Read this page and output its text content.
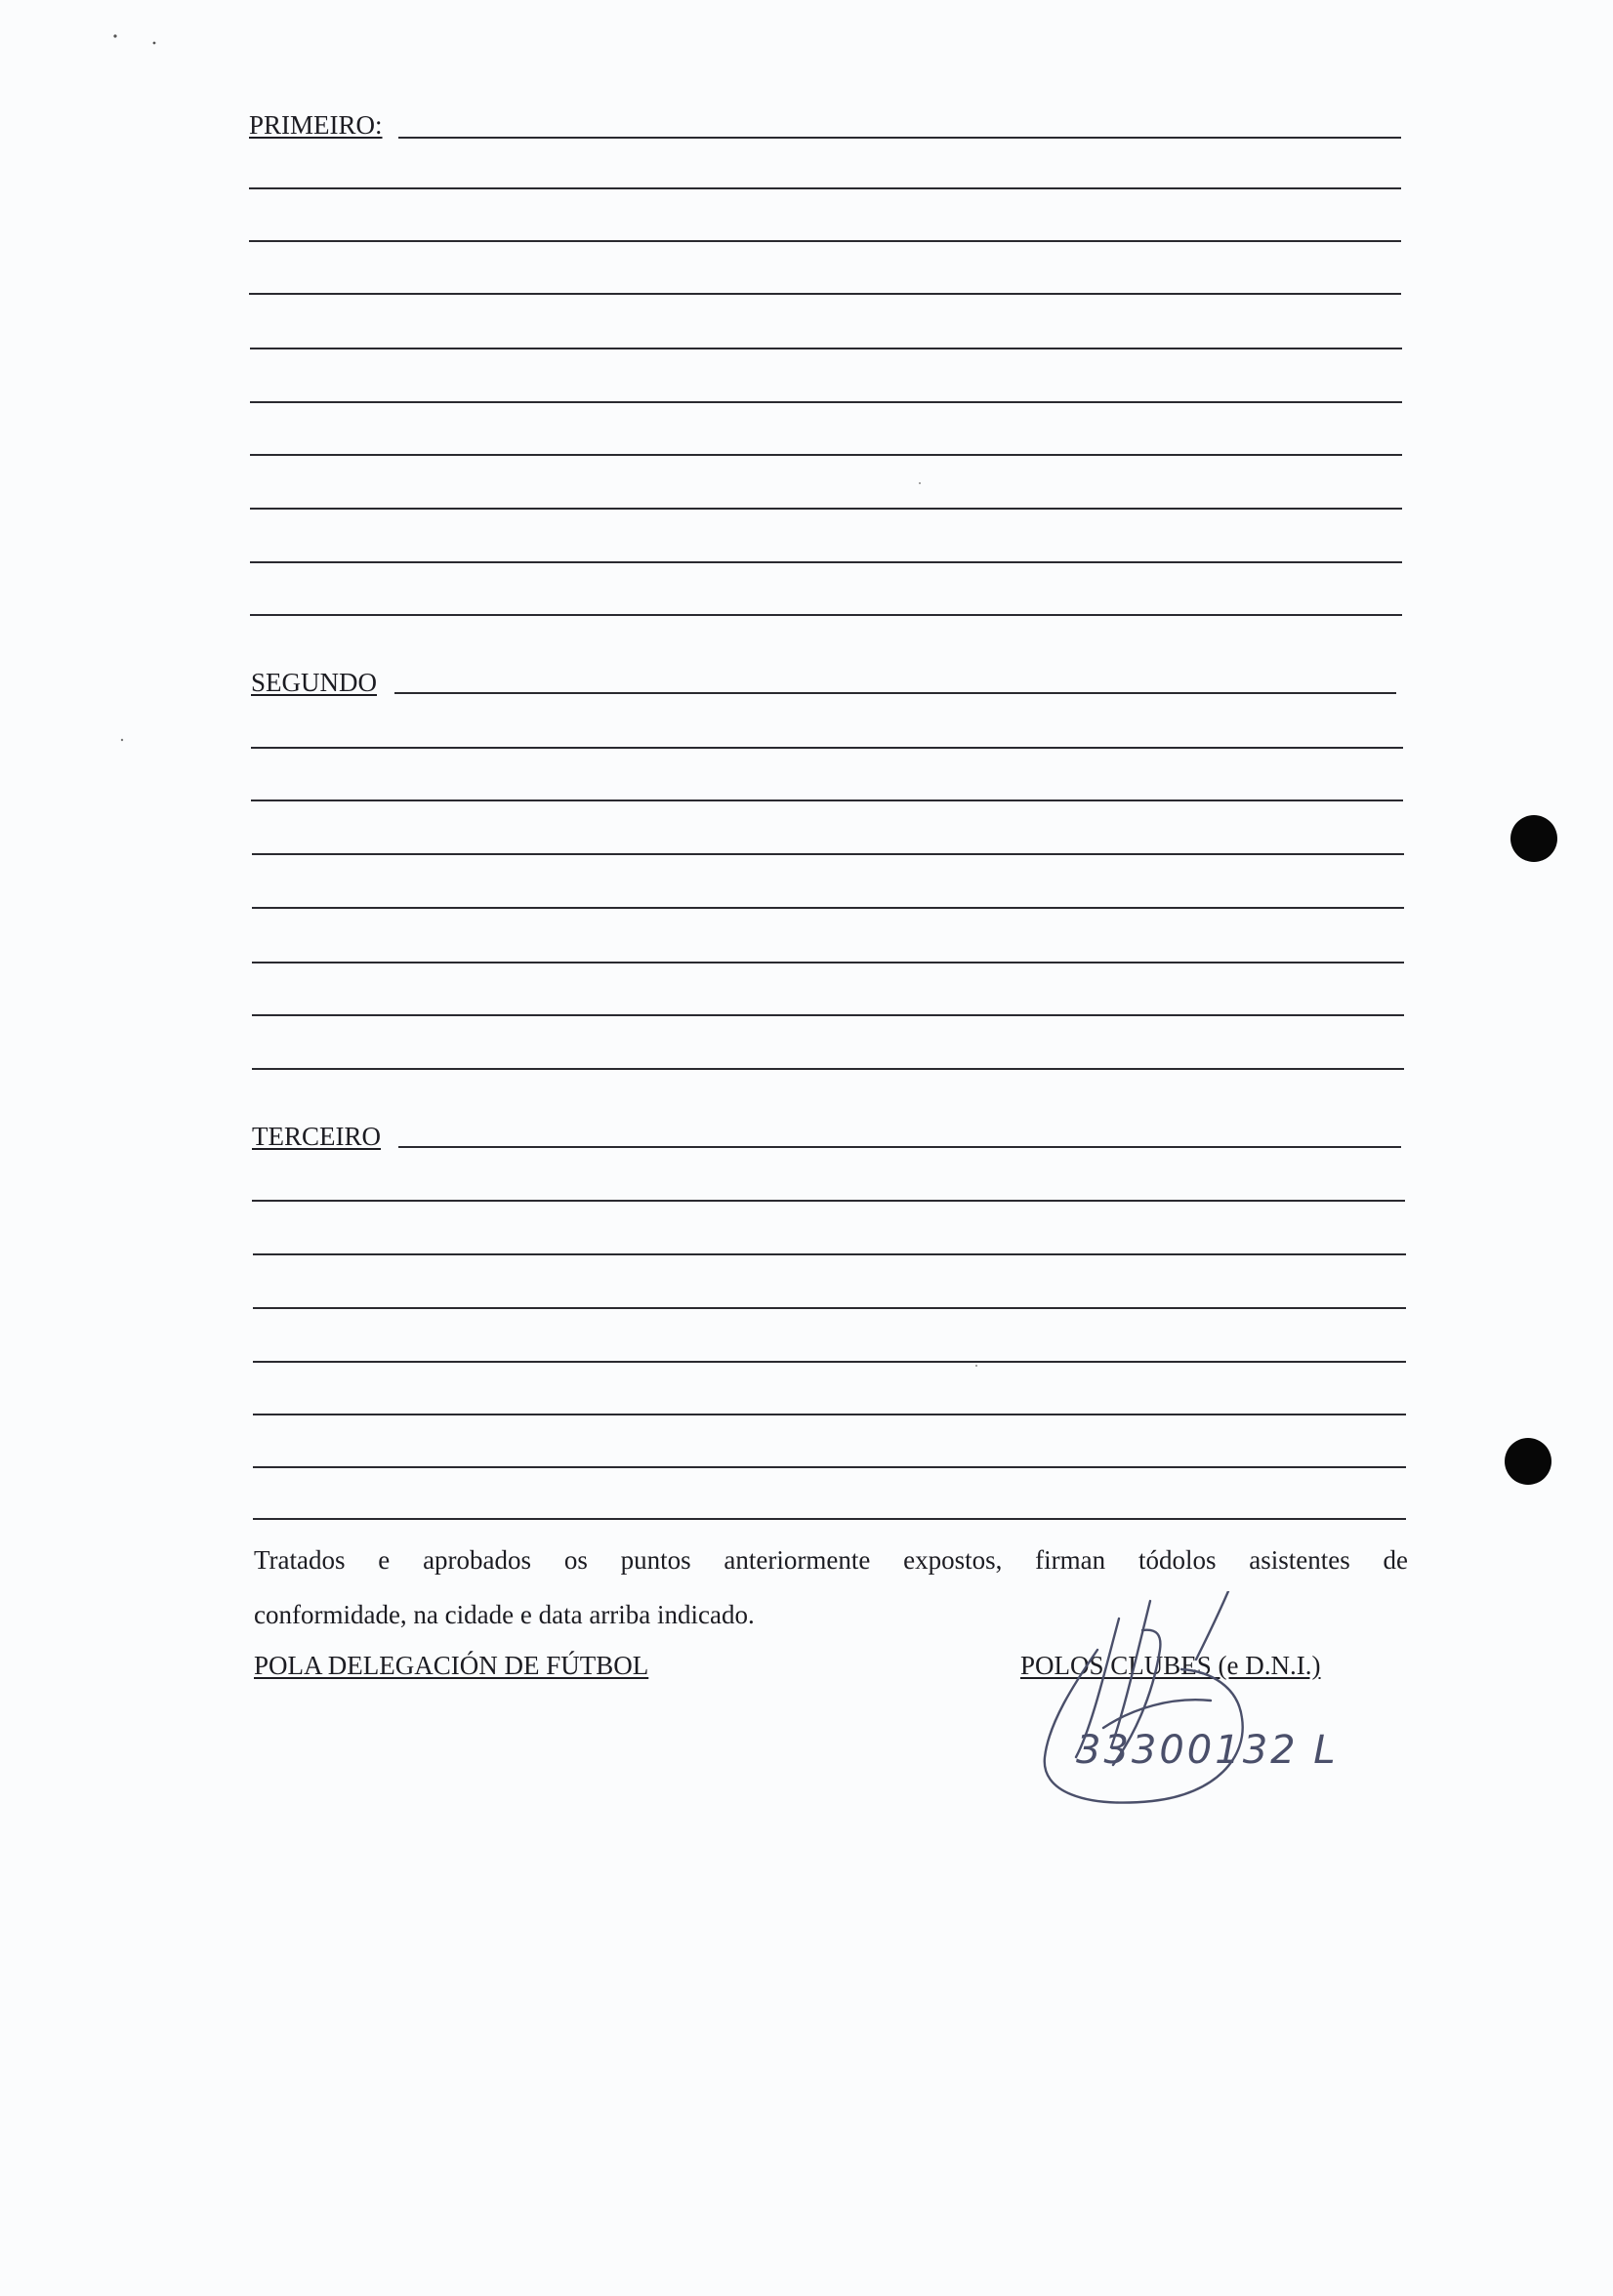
PRIMEIRO:
SEGUNDO
TERCEIRO
Tratados e aprobados os puntos anteriormente expostos, firman tódolos asistentes de
conformidade, na cidade e data arriba indicado.
POLA DELEGACIÓN DE FÚTBOL	POLOS CLUBES (e D.N.I.)
33300132 L
